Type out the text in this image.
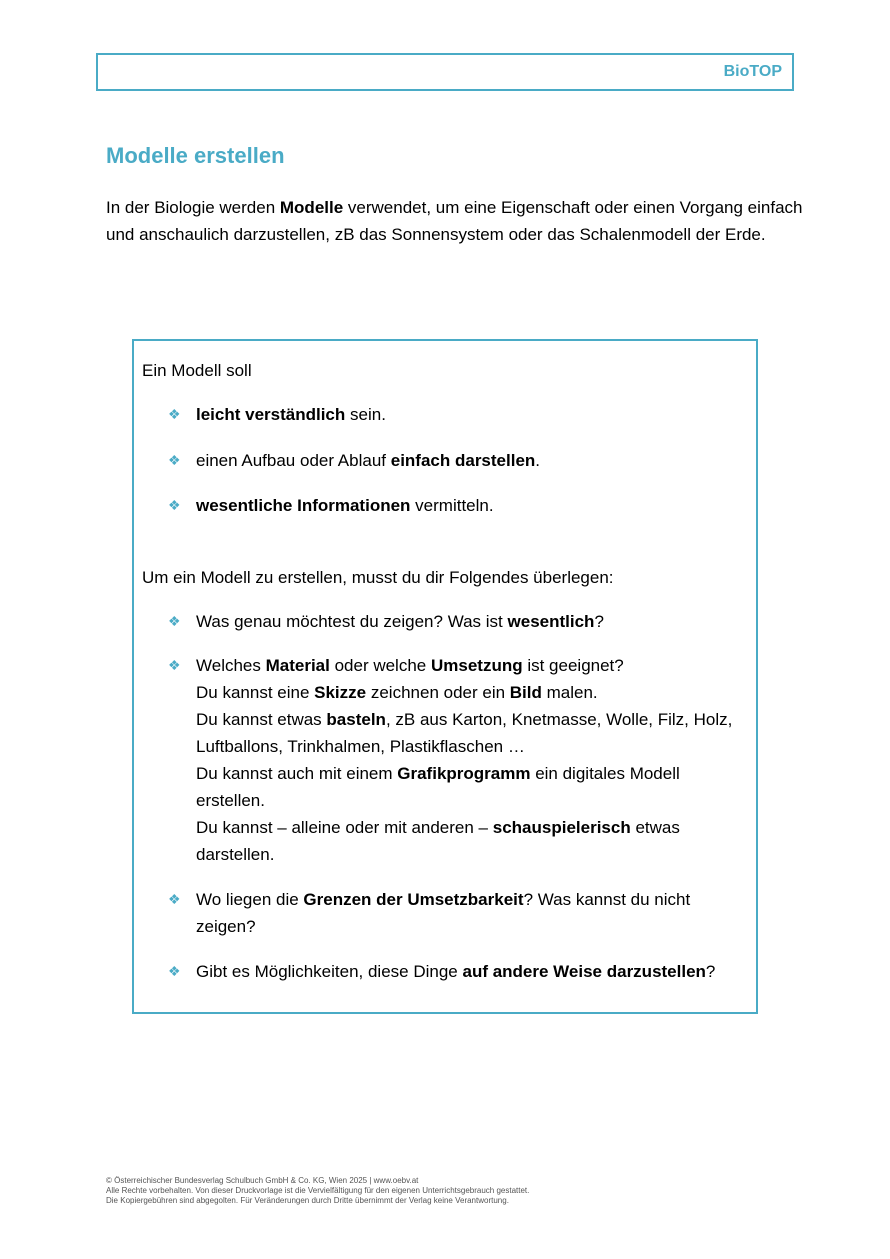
BioTOP
Modelle erstellen

In der Biologie werden Modelle verwendet, um eine Eigenschaft oder einen Vorgang einfach und anschaulich darzustellen, zB das Sonnensystem oder das Schalenmodell der Erde.

Ein Modell soll
❖ leicht verständlich sein.
❖ einen Aufbau oder Ablauf einfach darstellen.
❖ wesentliche Informationen vermitteln.
Um ein Modell zu erstellen, musst du dir Folgendes überlegen:
❖ Was genau möchtest du zeigen? Was ist wesentlich?
❖ Welches Material oder welche Umsetzung ist geeignet?
Du kannst eine Skizze zeichnen oder ein Bild malen.
Du kannst etwas basteln, zB aus Karton, Knetmasse, Wolle, Filz, Holz, Luftballons, Trinkhalmen, Plastikflaschen …
Du kannst auch mit einem Grafikprogramm ein digitales Modell erstellen.
Du kannst – alleine oder mit anderen – schauspielerisch etwas darstellen.
❖ Wo liegen die Grenzen der Umsetzbarkeit? Was kannst du nicht zeigen?
❖ Gibt es Möglichkeiten, diese Dinge auf andere Weise darzustellen?
© Österreichischer Bundesverlag Schulbuch GmbH & Co. KG, Wien 2025 | www.oebv.at
Alle Rechte vorbehalten. Von dieser Druckvorlage ist die Vervielfältigung für den eigenen Unterrichtsgebrauch gestattet.
Die Kopiergebühren sind abgegolten. Für Veränderungen durch Dritte übernimmt der Verlag keine Verantwortung.
